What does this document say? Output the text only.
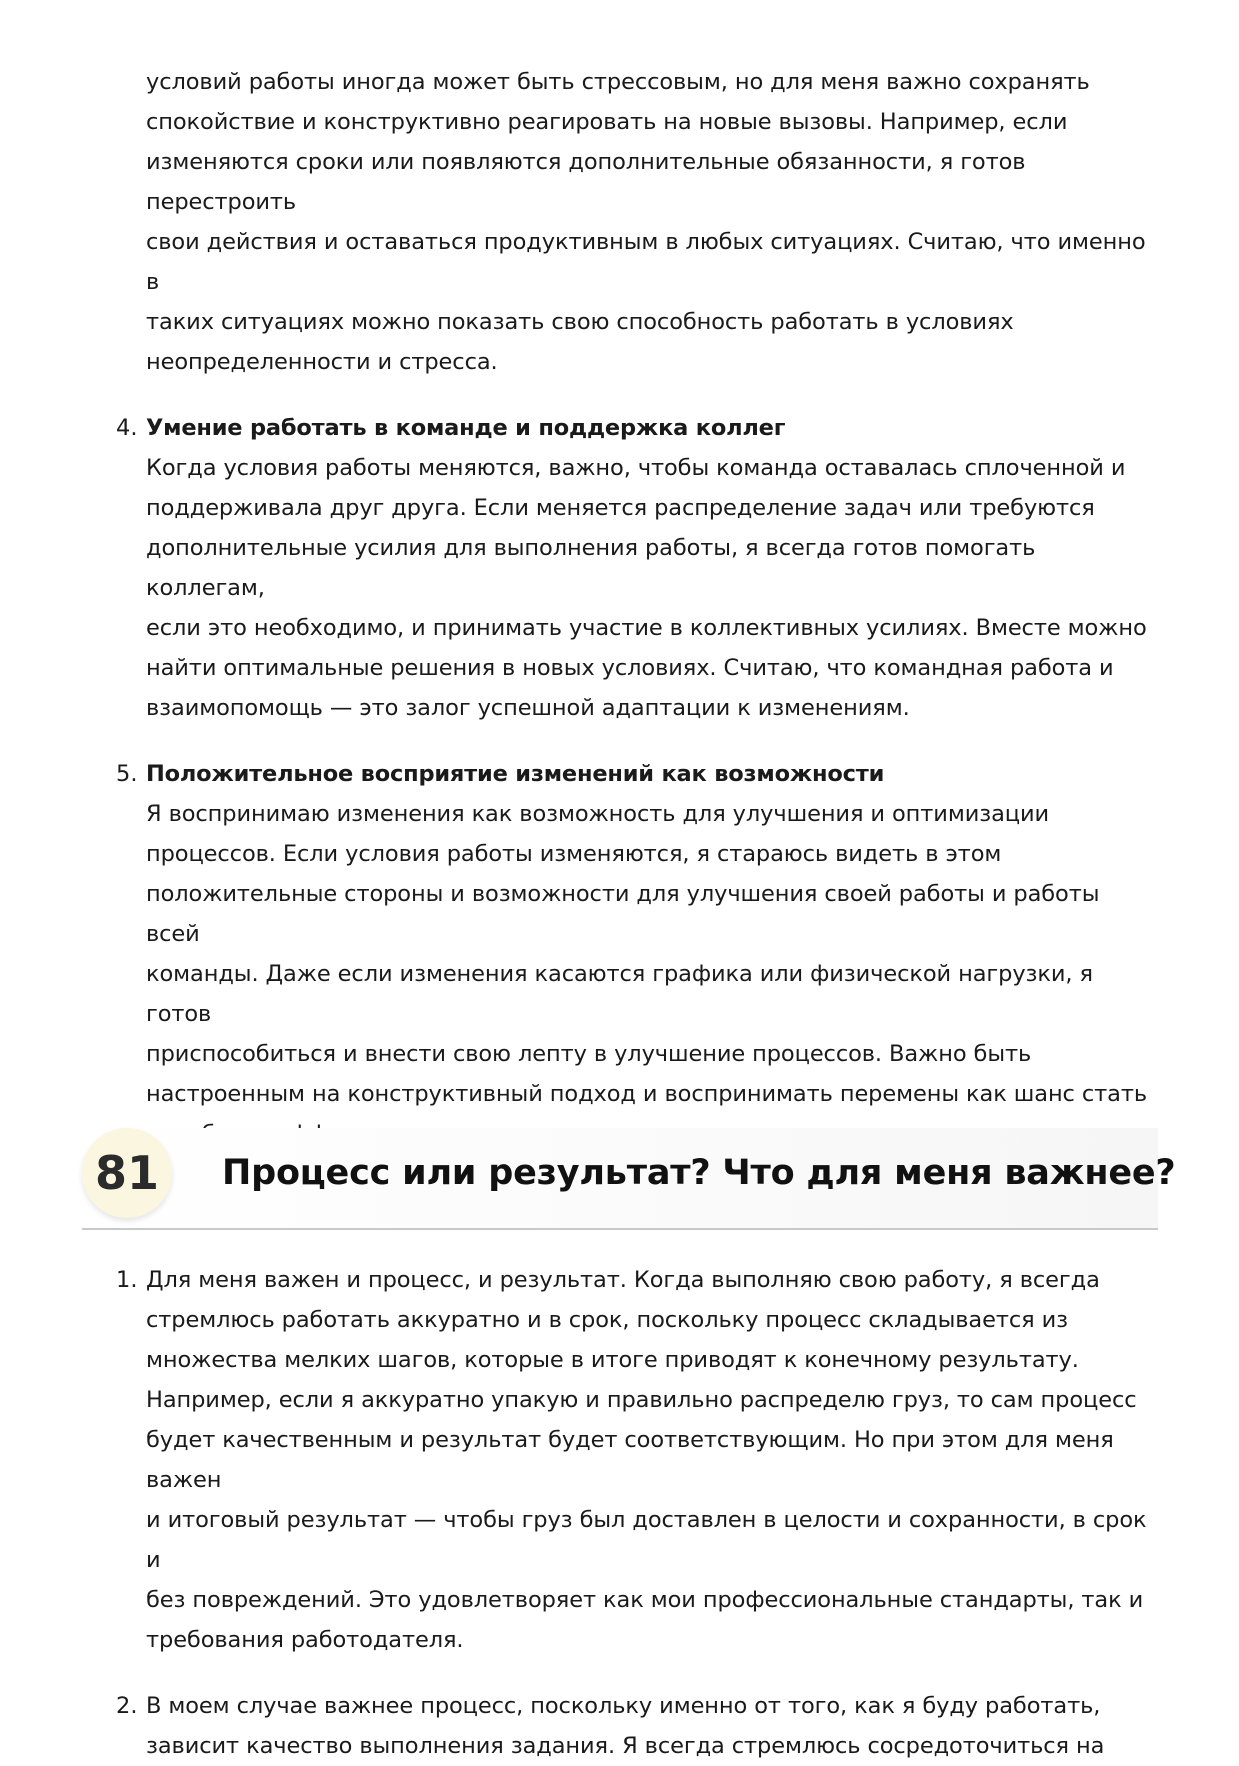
условий работы иногда может быть стрессовым, но для меня важно сохранять
спокойствие и конструктивно реагировать на новые вызовы. Например, если
изменяются сроки или появляются дополнительные обязанности, я готов перестроить
свои действия и оставаться продуктивным в любых ситуациях. Считаю, что именно в
таких ситуациях можно показать свою способность работать в условиях
неопределенности и стресса.

4. Умение работать в команде и поддержка коллег

Когда условия работы меняются, важно, чтобы команда оставалась сплоченной и
поддерживала друг друга. Если меняется распределение задач или требуются
дополнительные усилия для выполнения работы, я всегда готов помогать коллегам,
если это необходимо, и принимать участие в коллективных усилиях. Вместе можно
найти оптимальные решения в новых условиях. Считаю, что командная работа и
взаимопомощь — это залог успешной адаптации к изменениям.

5. Положительное восприятие изменений как возможности

Я воспринимаю изменения как возможность для улучшения и оптимизации
процессов. Если условия работы изменяются, я стараюсь видеть в этом
положительные стороны и возможности для улучшения своей работы и работы всей
команды. Даже если изменения касаются графика или физической нагрузки, я готов
приспособиться и внести свою лепту в улучшение процессов. Важно быть
настроенным на конструктивный подход и воспринимать перемены как шанс стать

81	Процесс или результат? Что для меня важнее?
1. Для меня важен и процесс, и результат. Когда выполняю свою работу, я всегда
стремлюсь работать аккуратно и в срок, поскольку процесс складывается из
множества мелких шагов, которые в итоге приводят к конечному результату.
Например, если я аккуратно упакую и правильно распределю груз, то сам процесс
будет качественным и результат будет соответствующим. Но при этом для меня важен
и итоговый результат — чтобы груз был доставлен в целости и сохранности, в срок и
без повреждений. Это удовлетворяет как мои профессиональные стандарты, так и
требования работодателя.

2. В моем случае важнее процесс, поскольку именно от того, как я буду работать,
зависит качество выполнения задания. Я всегда стремлюсь сосредоточиться на
